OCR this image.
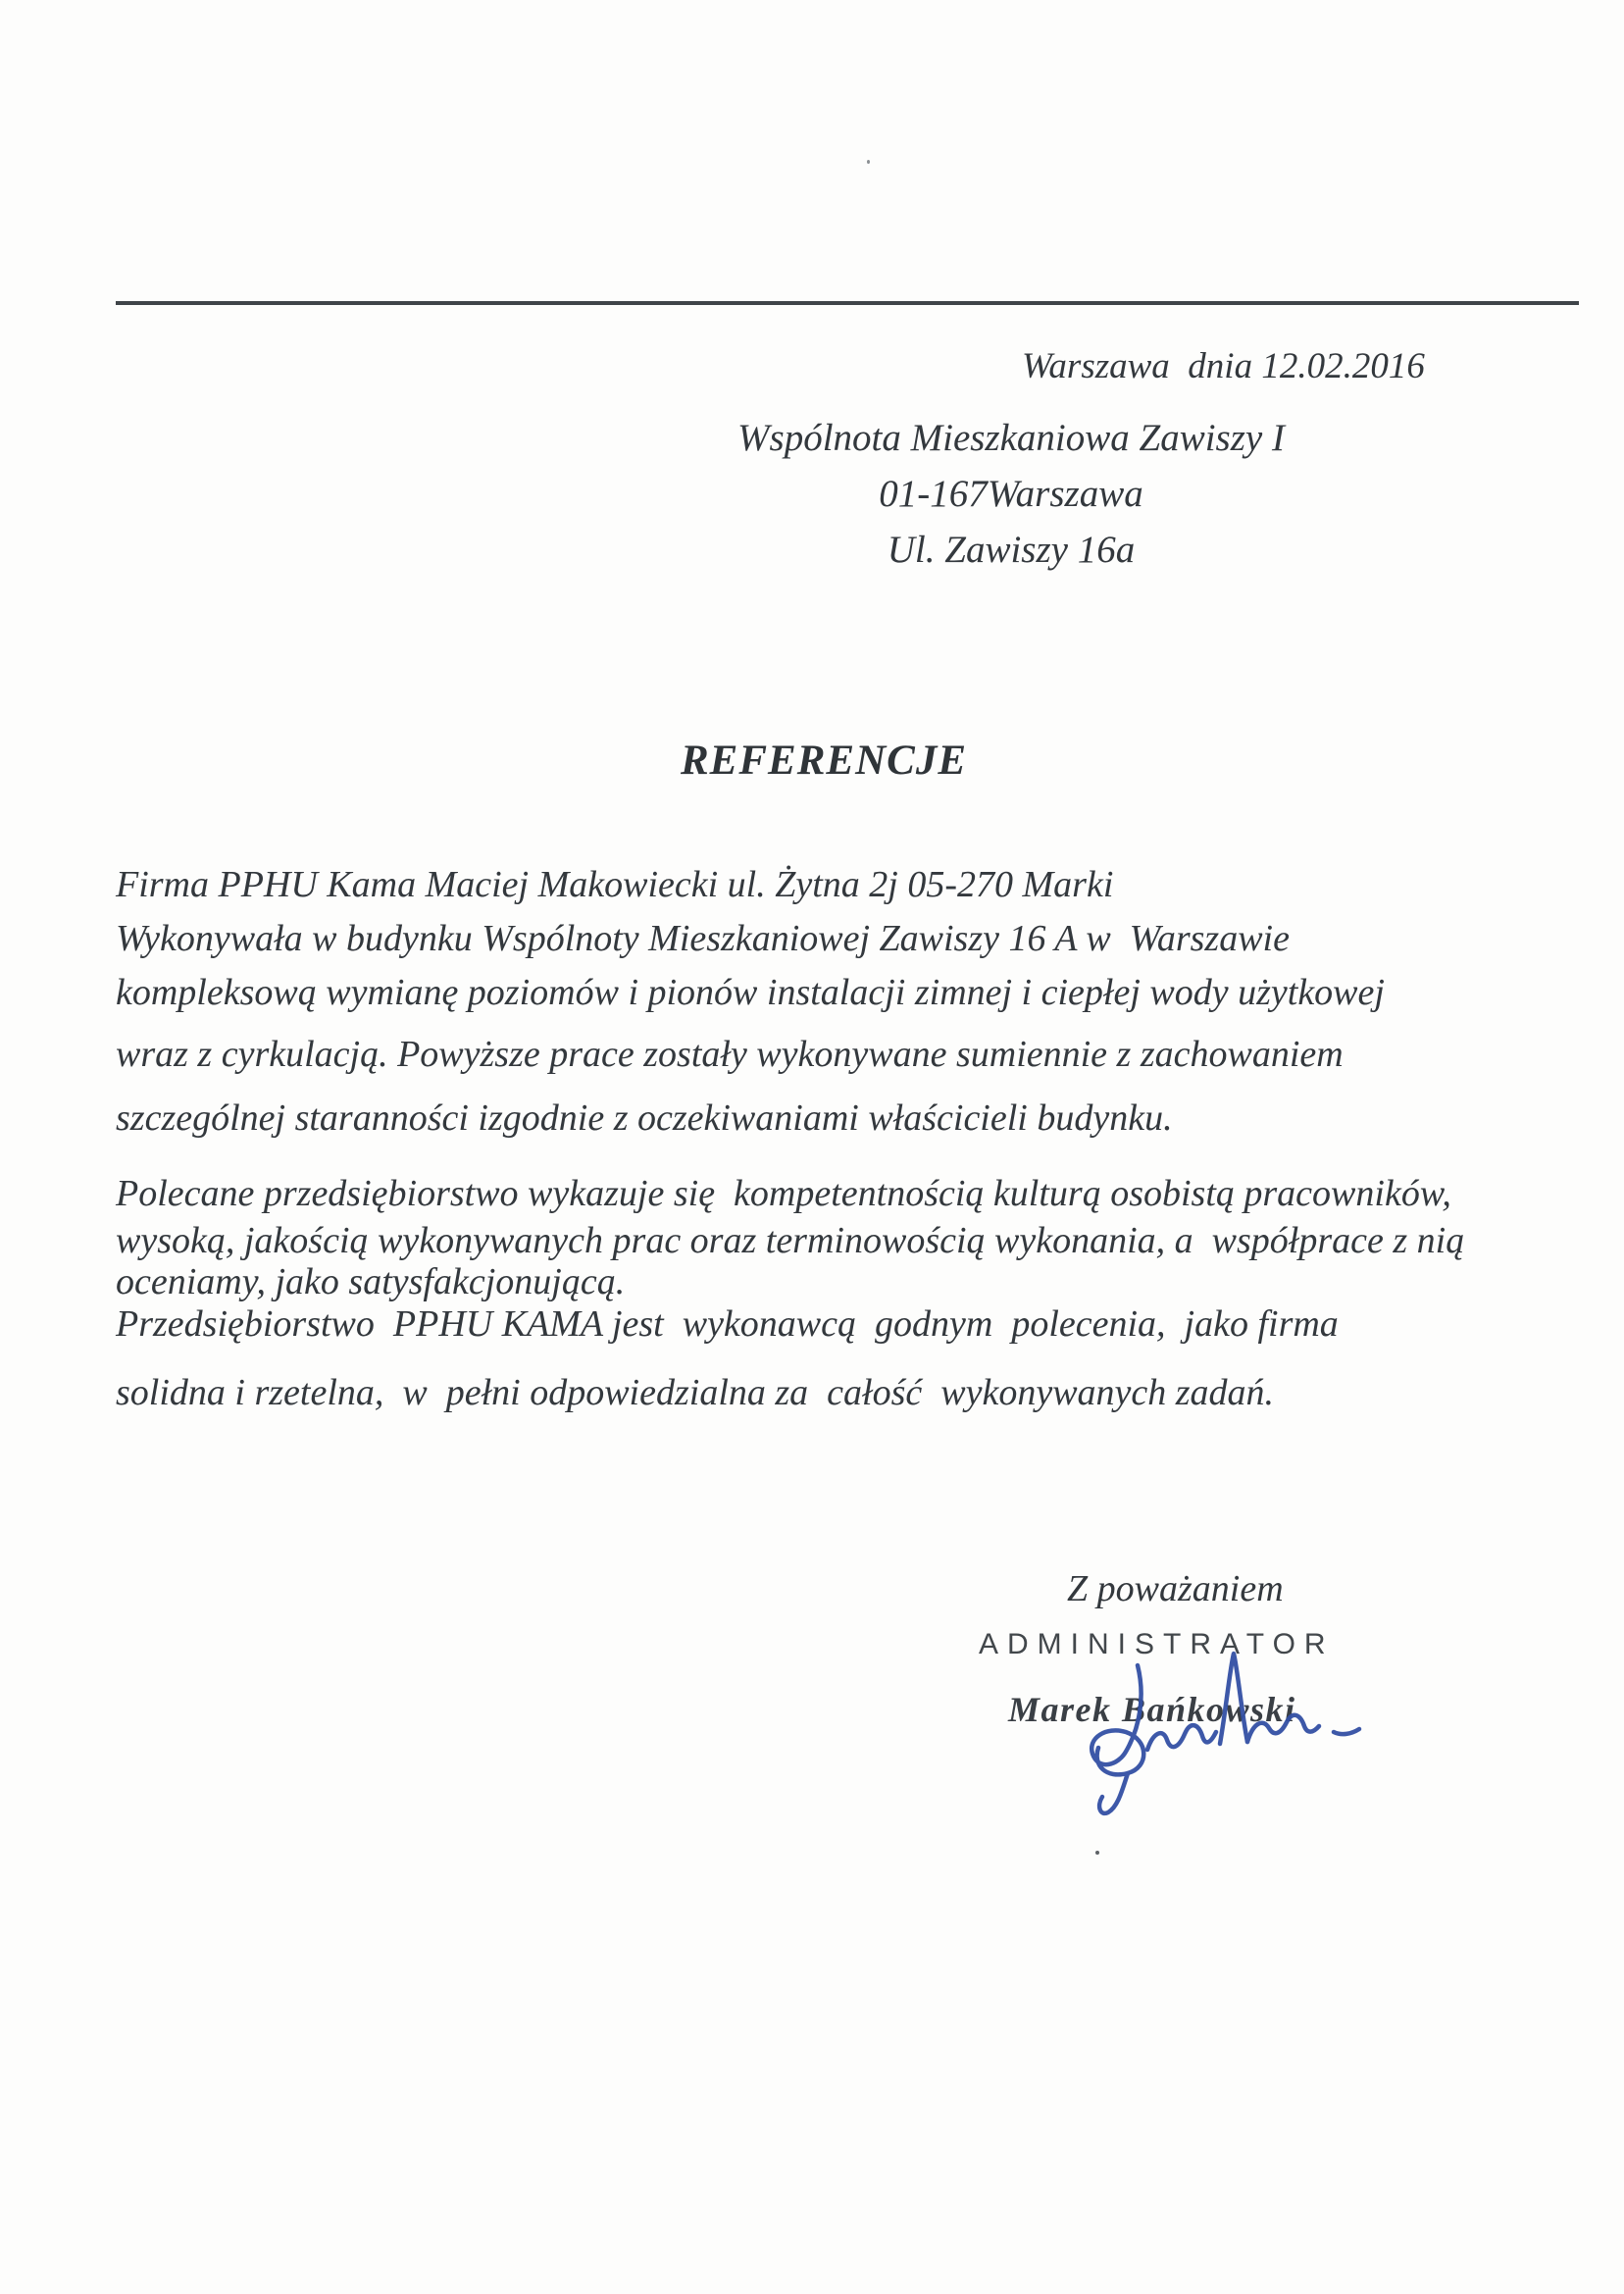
Warszawa  dnia 12.02.2016
Wspólnota Mieszkaniowa Zawiszy I
01-167Warszawa
Ul. Zawiszy 16a
REFERENCJE
Firma PPHU Kama Maciej Makowiecki ul. Żytna 2j 05-270 Marki
Wykonywała w budynku Wspólnoty Mieszkaniowej Zawiszy 16 A w  Warszawie
kompleksową wymianę poziomów i pionów instalacji zimnej i ciepłej wody użytkowej
wraz z cyrkulacją. Powyższe prace zostały wykonywane sumiennie z zachowaniem
szczególnej staranności izgodnie z oczekiwaniami właścicieli budynku.
Polecane przedsiębiorstwo wykazuje się  kompetentnością kulturą osobistą pracowników,
wysoką, jakością wykonywanych prac oraz terminowością wykonania, a  współprace z nią
oceniamy, jako satysfakcjonującą.
Przedsiębiorstwo  PPHU KAMA jest  wykonawcą  godnym  polecenia,  jako firma
solidna i rzetelna,  w  pełni odpowiedzialna za  całość  wykonywanych zadań.
Z poważaniem
ADMINISTRATOR
Marek Bańkowski
